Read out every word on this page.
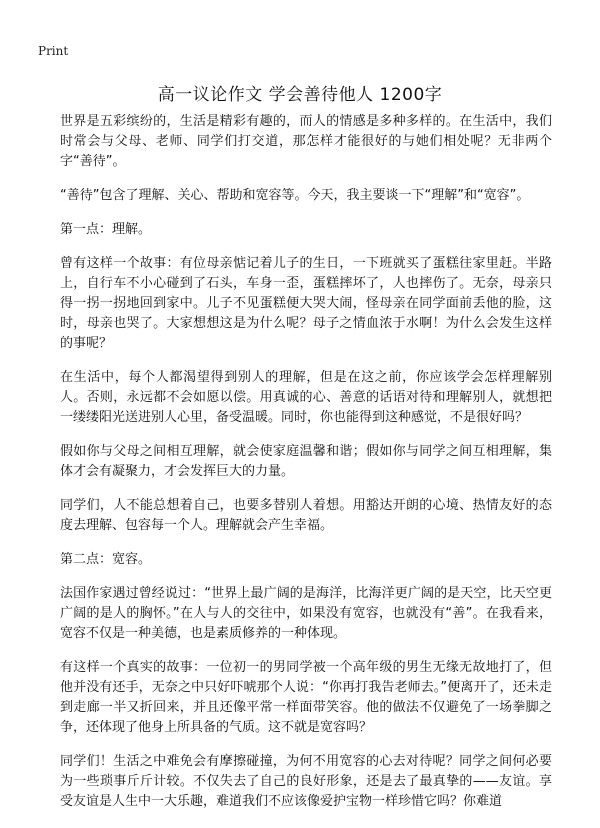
Print
高一议论作文 学会善待他人 1200字

世界是五彩缤纷的，生活是精彩有趣的，而人的情感是多种多样的。在生活中，我们时常会与父母、老师、同学们打交道，那怎样才能很好的与她们相处呢？无非两个字“善待”。

“善待”包含了理解、关心、帮助和宽容等。今天，我主要谈一下“理解”和“宽容”。

第一点：理解。

曾有这样一个故事：有位母亲惦记着儿子的生日，一下班就买了蛋糕往家里赶。半路上，自行车不小心碰到了石头，车身一歪，蛋糕摔坏了，人也摔伤了。无奈，母亲只得一拐一拐地回到家中。儿子不见蛋糕便大哭大闹，怪母亲在同学面前丢他的脸，这时，母亲也哭了。大家想想这是为什么呢？母子之情血浓于水啊！为什么会发生这样的事呢？

在生活中，每个人都渴望得到别人的理解，但是在这之前，你应该学会怎样理解别人。否则，永远都不会如愿以偿。用真诚的心、善意的话语对待和理解别人，就想把一缕缕阳光送进别人心里，备受温暖。同时，你也能得到这种感觉，不是很好吗？

假如你与父母之间相互理解，就会使家庭温馨和谐；假如你与同学之间互相理解，集体才会有凝聚力，才会发挥巨大的力量。

同学们，人不能总想着自己，也要多替别人着想。用豁达开朗的心境、热情友好的态度去理解、包容每一个人。理解就会产生幸福。

第二点：宽容。

法国作家遇过曾经说过：“世界上最广阔的是海洋，比海洋更广阔的是天空，比天空更广阔的是人的胸怀。”在人与人的交往中，如果没有宽容，也就没有“善”。在我看来，宽容不仅是一种美德，也是素质修养的一种体现。

有这样一个真实的故事：一位初一的男同学被一个高年级的男生无缘无故地打了，但他并没有还手，无奈之中只好吓唬那个人说：“你再打我告老师去。”便离开了，还未走到走廊一半又折回来，并且还像平常一样面带笑容。他的做法不仅避免了一场拳脚之争，还体现了他身上所具备的气质。这不就是宽容吗？

同学们！生活之中难免会有摩擦碰撞，为何不用宽容的心去对待呢？同学之间何必要为一些琐事斤斤计较。不仅失去了自己的良好形象，还是去了最真挚的——友谊。享受友谊是人生中一大乐趣，难道我们不应该像爱护宝物一样珍惜它吗？你难道
